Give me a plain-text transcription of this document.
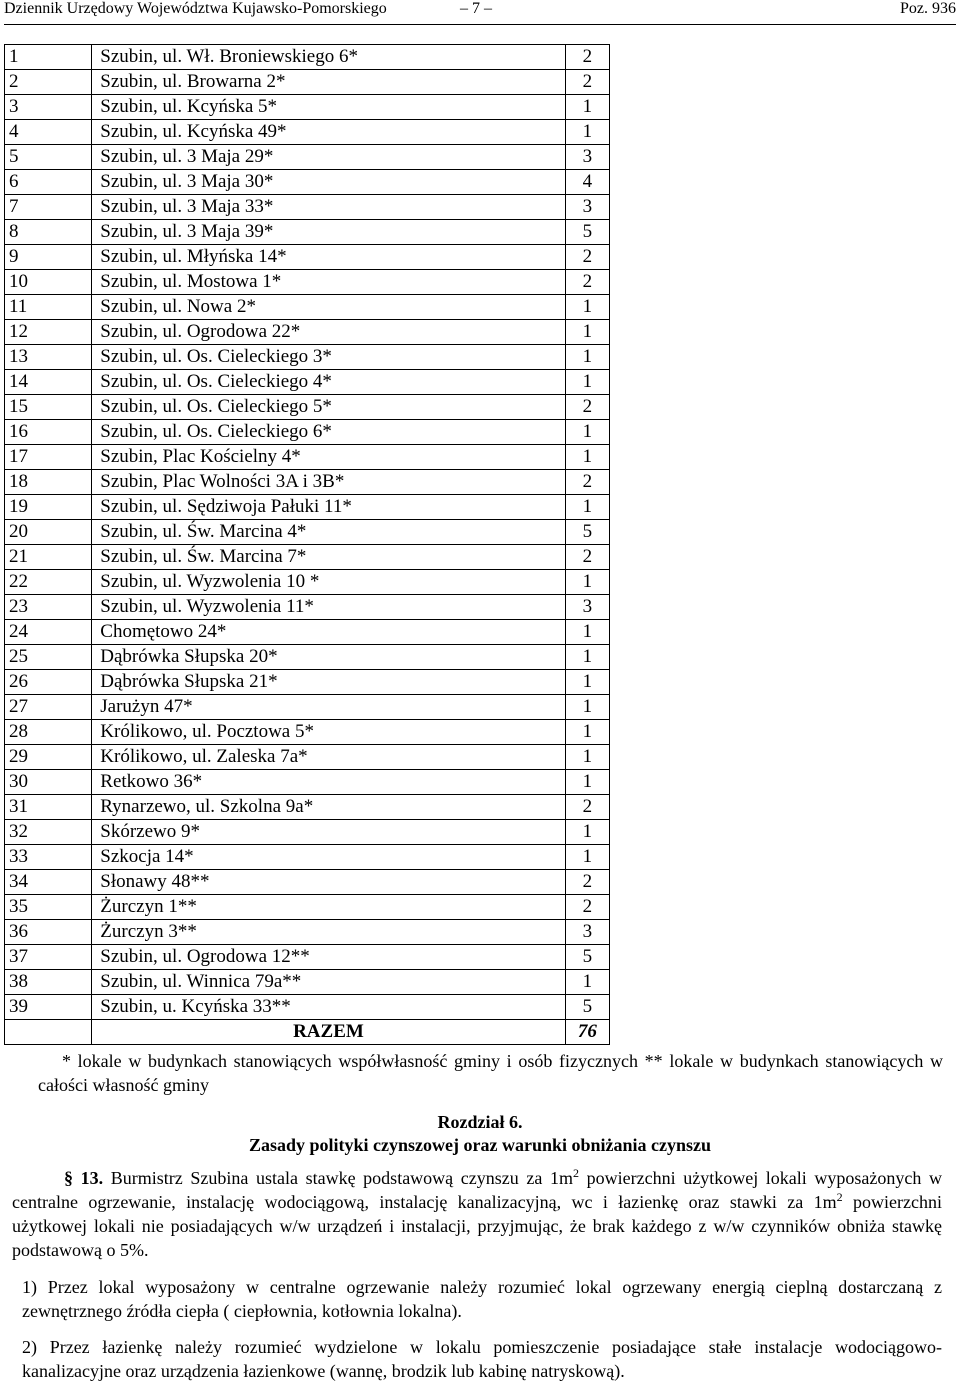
Dziennik Urzędowy Województwa Kujawsko-Pomorskiego	– 7 –	Poz. 936
1	Szubin, ul. Wł. Broniewskiego 6*	2
2	Szubin, ul. Browarna 2*	2
3	Szubin, ul. Kcyńska 5*	1
4	Szubin, ul. Kcyńska 49*	1
5	Szubin, ul. 3 Maja 29*	3
6	Szubin, ul. 3 Maja 30*	4
7	Szubin, ul. 3 Maja 33*	3
8	Szubin, ul. 3 Maja 39*	5
9	Szubin, ul. Młyńska 14*	2
10	Szubin, ul. Mostowa 1*	2
11	Szubin, ul. Nowa 2*	1
12	Szubin, ul. Ogrodowa 22*	1
13	Szubin, ul. Os. Cieleckiego 3*	1
14	Szubin, ul. Os. Cieleckiego 4*	1
15	Szubin, ul. Os. Cieleckiego 5*	2
16	Szubin, ul. Os. Cieleckiego 6*	1
17	Szubin, Plac Kościelny 4*	1
18	Szubin, Plac Wolności 3A i 3B*	2
19	Szubin, ul. Sędziwoja Pałuki 11*	1
20	Szubin, ul. Św. Marcina 4*	5
21	Szubin, ul. Św. Marcina 7*	2
22	Szubin, ul. Wyzwolenia 10 *	1
23	Szubin, ul. Wyzwolenia 11*	3
24	Chomętowo 24*	1
25	Dąbrówka Słupska 20*	1
26	Dąbrówka Słupska 21*	1
27	Jarużyn 47*	1
28	Królikowo, ul. Pocztowa 5*	1
29	Królikowo, ul. Zaleska 7a*	1
30	Retkowo 36*	1
31	Rynarzewo, ul. Szkolna 9a*	2
32	Skórzewo 9*	1
33	Szkocja 14*	1
34	Słonawy 48**	2
35	Żurczyn 1**	2
36	Żurczyn 3**	3
37	Szubin, ul. Ogrodowa 12**	5
38	Szubin, ul. Winnica 79a**	1
39	Szubin, u. Kcyńska 33**	5
	RAZEM	76
* lokale w budynkach stanowiących współwłasność gminy i osób fizycznych ** lokale w budynkach stanowiących w całości własność gminy
Rozdział 6.
Zasady polityki czynszowej oraz warunki obniżania czynszu
§ 13. Burmistrz Szubina ustala stawkę podstawową czynszu za $1m^2$ powierzchni użytkowej lokali wyposażonych w centralne ogrzewanie, instalację wodociągową, instalację kanalizacyjną, wc i łazienkę oraz stawki za $1m^2$ powierzchni użytkowej lokali nie posiadających w/w urządzeń i instalacji, przyjmując, że brak każdego z w/w czynników obniża stawkę podstawową o 5%.
1) Przez lokal wyposażony w centralne ogrzewanie należy rozumieć lokal ogrzewany energią cieplną dostarczaną z zewnętrznego źródła ciepła ( ciepłownia, kotłownia lokalna).
2) Przez łazienkę należy rozumieć wydzielone w lokalu pomieszczenie posiadające stałe instalacje wodociągowo-kanalizacyjne oraz urządzenia łazienkowe (wannę, brodzik lub kabinę natryskową).
